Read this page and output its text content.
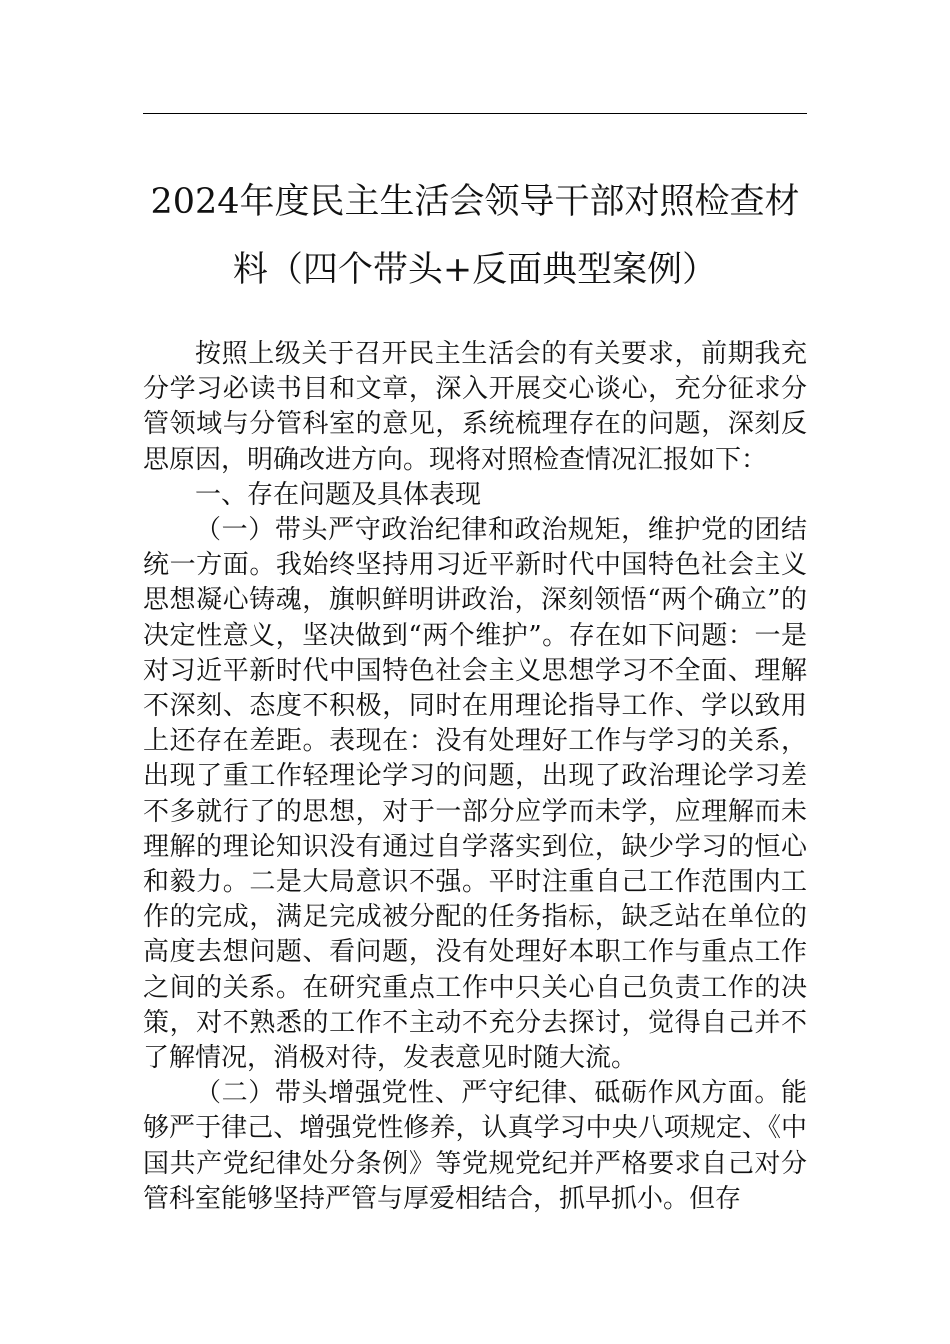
2024年度民主生活会领导干部对照检查材
料（四个带头+反面典型案例）

按照上级关于召开民主生活会的有关要求，前期我充分学习必读书目和文章，深入开展交心谈心，充分征求分管领域与分管科室的意见，系统梳理存在的问题，深刻反思原因，明确改进方向。现将对照检查情况汇报如下：

一、存在问题及具体表现

（一）带头严守政治纪律和政治规矩，维护党的团结统一方面。我始终坚持用习近平新时代中国特色社会主义思想凝心铸魂，旗帜鲜明讲政治，深刻领悟“两个确立”的决定性意义，坚决做到“两个维护”。存在如下问题：一是对习近平新时代中国特色社会主义思想学习不全面、理解不深刻、态度不积极，同时在用理论指导工作、学以致用上还存在差距。表现在：没有处理好工作与学习的关系，出现了重工作轻理论学习的问题，出现了政治理论学习差不多就行了的思想，对于一部分应学而未学，应理解而未理解的理论知识没有通过自学落实到位，缺少学习的恒心和毅力。二是大局意识不强。平时注重自己工作范围内工作的完成，满足完成被分配的任务指标，缺乏站在单位的高度去想问题、看问题，没有处理好本职工作与重点工作之间的关系。在研究重点工作中只关心自己负责工作的决策，对不熟悉的工作不主动不充分去探讨，觉得自己并不了解情况，消极对待，发表意见时随大流。

（二）带头增强党性、严守纪律、砥砺作风方面。能够严于律己、增强党性修养，认真学习中央八项规定、《中国共产党纪律处分条例》等党规党纪并严格要求自己对分管科室能够坚持严管与厚爱相结合，抓早抓小。但存
